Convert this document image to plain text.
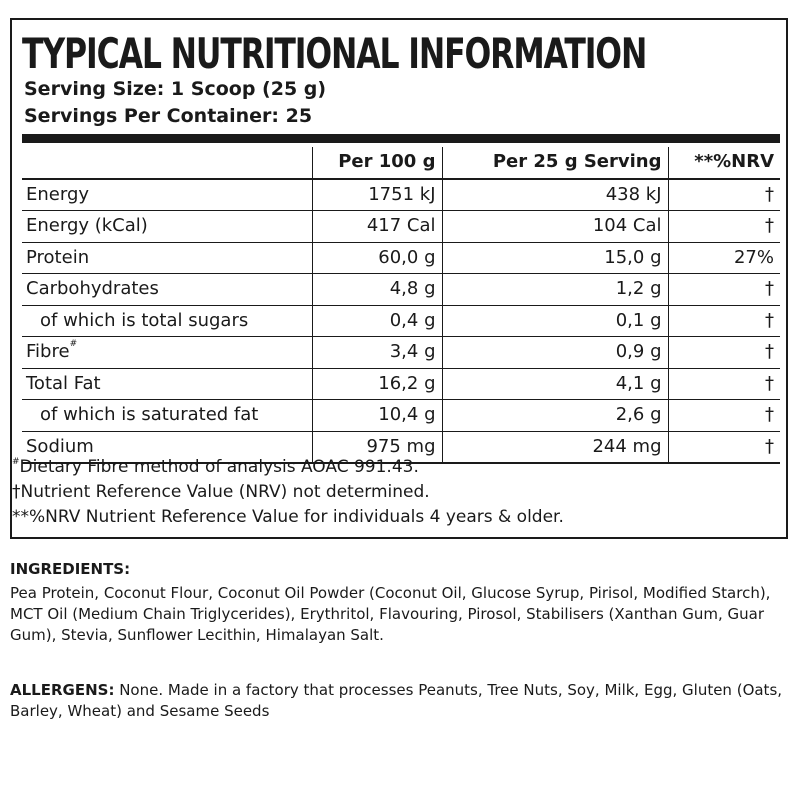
TYPICAL NUTRITIONAL INFORMATION
Serving Size: 1 Scoop (25 g)
Servings Per Container: 25
	Per 100 g	Per 25 g Serving	**%NRV
Energy	1751 kJ	438 kJ	†
Energy (kCal)	417 Cal	104 Cal	†
Protein	60,0 g	15,0 g	27%
Carbohydrates	4,8 g	1,2 g	†
of which is total sugars	0,4 g	0,1 g	†
Fibre#	3,4 g	0,9 g	†
Total Fat	16,2 g	4,1 g	†
of which is saturated fat	10,4 g	2,6 g	†
Sodium	975 mg	244 mg	†
#Dietary Fibre method of analysis AOAC 991.43.
†Nutrient Reference Value (NRV) not determined.
**%NRV Nutrient Reference Value for individuals 4 years & older.
INGREDIENTS:
Pea Protein, Coconut Flour, Coconut Oil Powder (Coconut Oil, Glucose Syrup, Pirisol, Modified Starch), MCT Oil (Medium Chain Triglycerides), Erythritol, Flavouring, Pirosol, Stabilisers (Xanthan Gum, Guar Gum), Stevia, Sunflower Lecithin, Himalayan Salt.
ALLERGENS: None. Made in a factory that processes Peanuts, Tree Nuts, Soy, Milk, Egg, Gluten (Oats, Barley, Wheat) and Sesame Seeds
